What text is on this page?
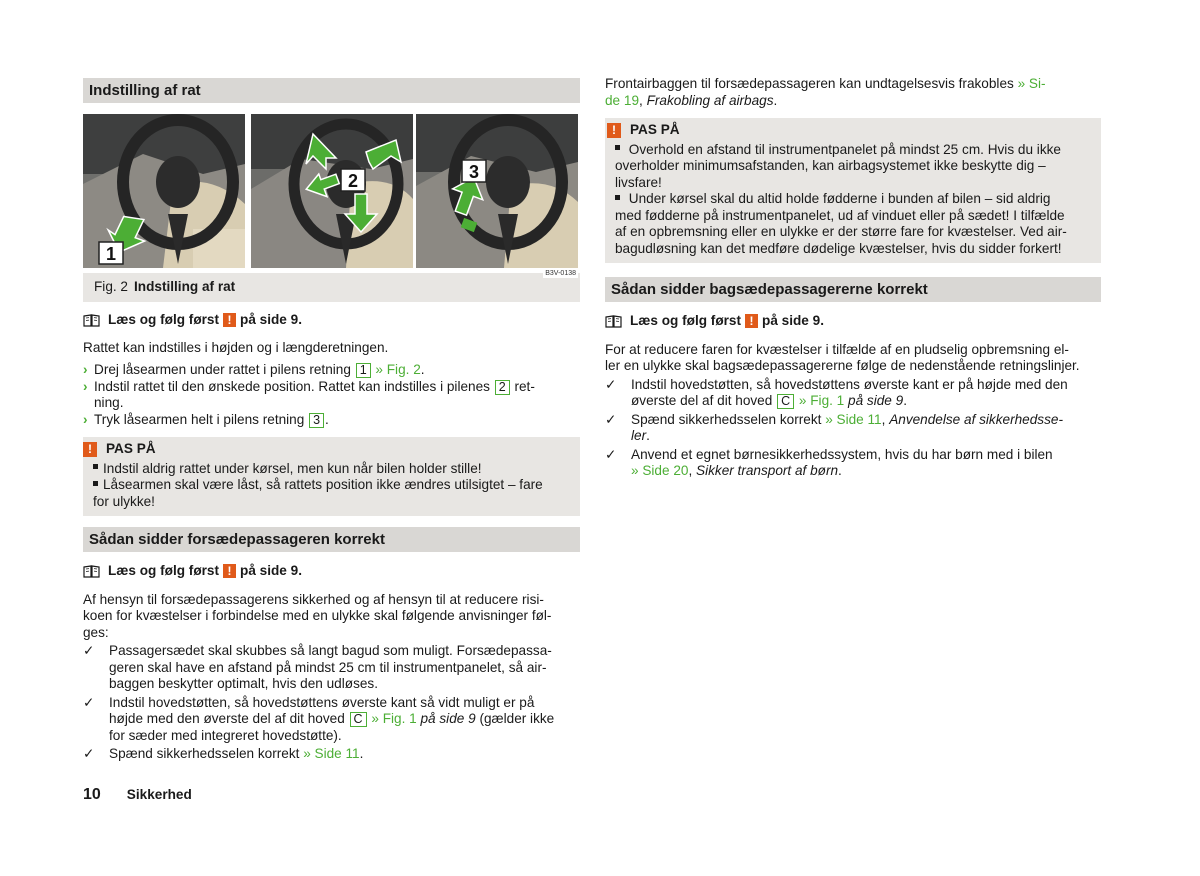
Indstilling af rat
1
2	3
B3V-0138
Fig. 2 Indstilling af rat
Læs og følg først ! på side 9.

Rattet kan indstilles i højden og i længderetningen.

› Drej låsearmen under rattet i pilens retning 1 » Fig. 2.
› Indstil rattet til den ønskede position. Rattet kan indstilles i pilenes 2 ret-
ning.
› Tryk låsearmen helt i pilens retning 3 .
!	PAS PÅ
Indstil aldrig rattet under kørsel, men kun når bilen holder stille!
Låsearmen skal være låst, så rattets position ikke ændres utilsigtet – fare
for ulykke!
Sådan sidder forsædepassageren korrekt
Læs og følg først ! på side 9.

Af hensyn til forsædepassagerens sikkerhed og af hensyn til at reducere risi-
koen for kvæstelser i forbindelse med en ulykke skal følgende anvisninger føl-
ges:

✓ Passagersædet skal skubbes så langt bagud som muligt. Forsædepassa-
geren skal have en afstand på mindst 25 cm til instrumentpanelet, så air-
baggen beskytter optimalt, hvis den udløses.
✓ Indstil hovedstøtten, så hovedstøttens øverste kant så vidt muligt er på
højde med den øverste del af dit hoved C » Fig. 1 på side 9 (gælder ikke
for sæder med integreret hovedstøtte).
✓ Spænd sikkerhedsselen korrekt » Side 11.

Frontairbaggen til forsædepassageren kan undtagelsesvis frakobles » Si-
de 19, Frakobling af airbags.

!	PAS PÅ
Overhold en afstand til instrumentpanelet på mindst 25 cm. Hvis du ikke
overholder minimumsafstanden, kan airbagsystemet ikke beskytte dig –
livsfare!
Under kørsel skal du altid holde fødderne i bunden af bilen – sid aldrig
med fødderne på instrumentpanelet, ud af vinduet eller på sædet! I tilfælde
af en opbremsning eller en ulykke er der større fare for kvæstelser. Ved air-
bagudløsning kan det medføre dødelige kvæstelser, hvis du sidder forkert!
Sådan sidder bagsædepassagererne korrekt
Læs og følg først ! på side 9.

For at reducere faren for kvæstelser i tilfælde af en pludselig opbremsning el-
ler en ulykke skal bagsædepassagererne følge de nedenstående retningslinjer.

✓ Indstil hovedstøtten, så hovedstøttens øverste kant er på højde med den
øverste del af dit hoved C » Fig. 1 på side 9.
✓ Spænd sikkerhedsselen korrekt » Side 11, Anvendelse af sikkerhedsse-
ler.
✓ Anvend et egnet børnesikkerhedssystem, hvis du har børn med i bilen
» Side 20, Sikker transport af børn.
10 Sikkerhed
